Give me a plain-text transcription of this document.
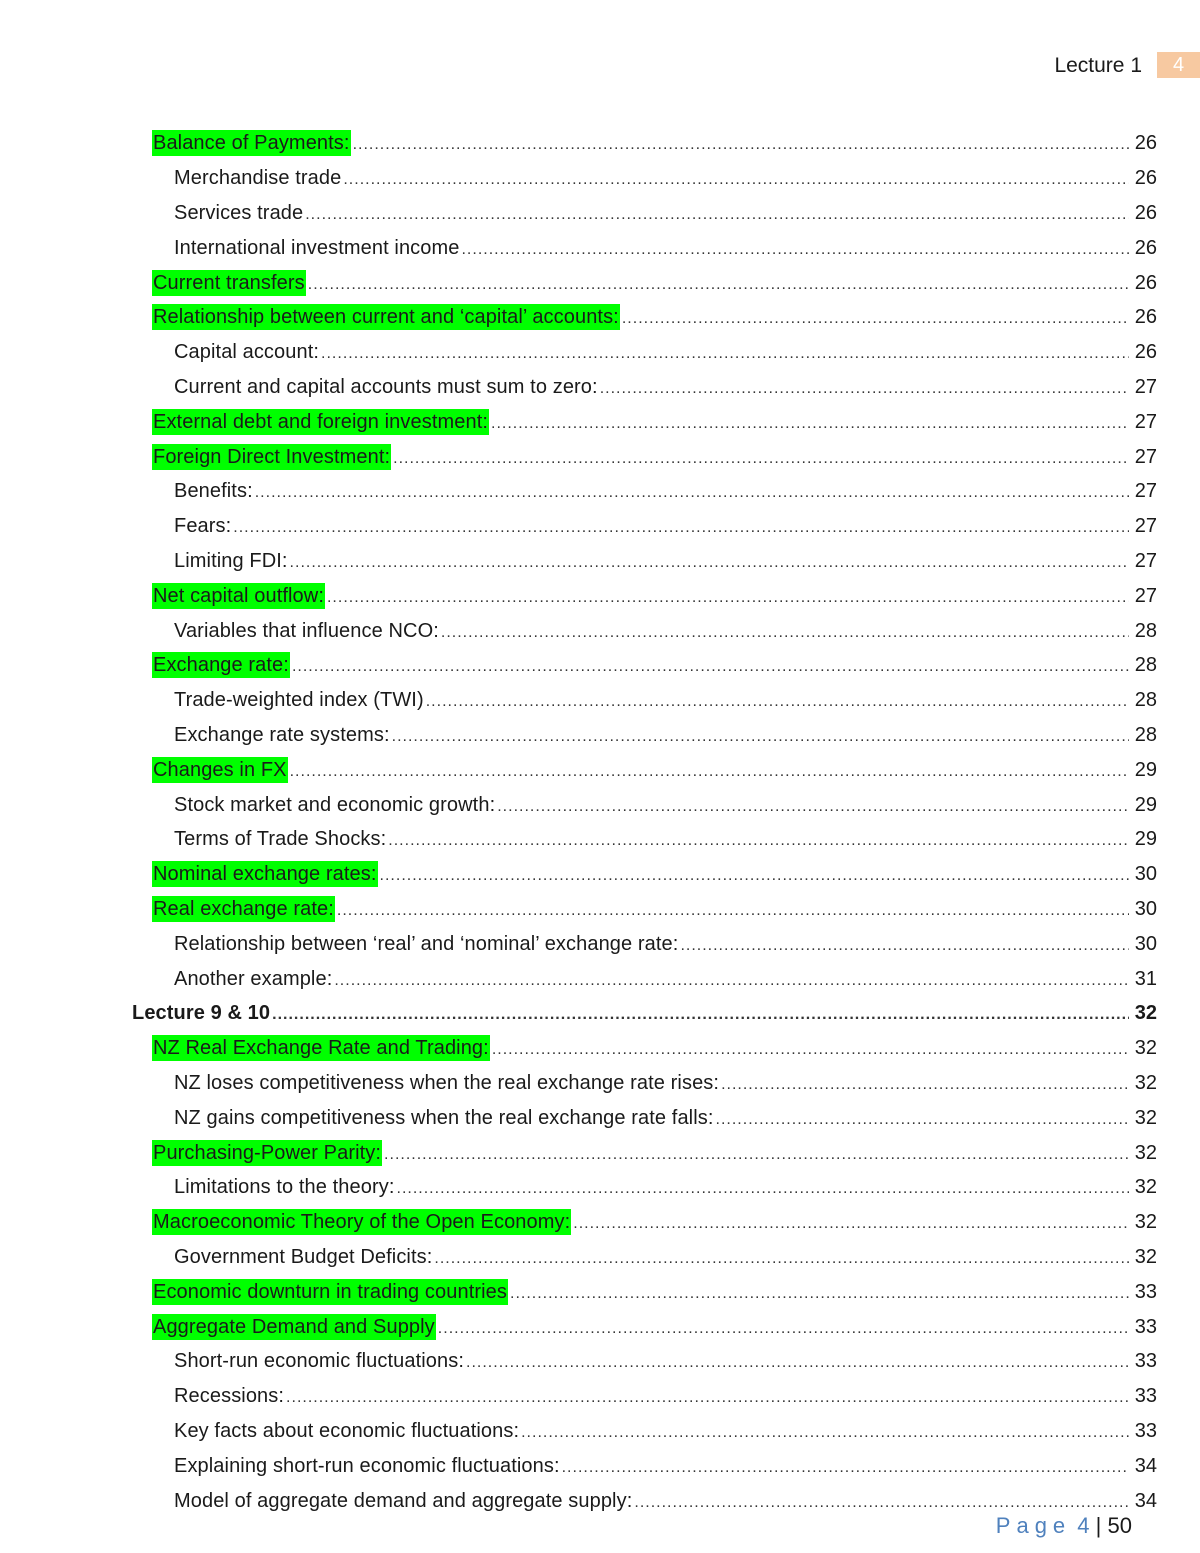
Lecture 1	4
Balance of Payments: .....	26
Merchandise trade .....	26
Services trade .....	26
International investment income .....	26
Current transfers .....	26
Relationship between current and ‘capital’ accounts: .....	26
Capital account: .....	26
Current and capital accounts must sum to zero: .....	27
External debt and foreign investment: .....	27
Foreign Direct Investment: .....	27
Benefits: .....	27
Fears: .....	27
Limiting FDI: .....	27
Net capital outflow: .....	27
Variables that influence NCO: .....	28
Exchange rate: .....	28
Trade-weighted index (TWI) .....	28
Exchange rate systems: .....	28
Changes in FX .....	29
Stock market and economic growth: .....	29
Terms of Trade Shocks: .....	29
Nominal exchange rates: .....	30
Real exchange rate: .....	30
Relationship between ‘real’ and ‘nominal’ exchange rate: .....	30
Another example: .....	31
Lecture 9 & 10 .....	32
NZ Real Exchange Rate and Trading: .....	32
NZ loses competitiveness when the real exchange rate rises: .....	32
NZ gains competitiveness when the real exchange rate falls: .....	32
Purchasing-Power Parity: .....	32
Limitations to the theory: .....	32
Macroeconomic Theory of the Open Economy: .....	32
Government Budget Deficits: .....	32
Economic downturn in trading countries .....	33
Aggregate Demand and Supply .....	33
Short-run economic fluctuations: .....	33
Recessions: .....	33
Key facts about economic fluctuations: .....	33
Explaining short-run economic fluctuations: .....	34
Model of aggregate demand and aggregate supply: .....	34
Page 4 | 50
